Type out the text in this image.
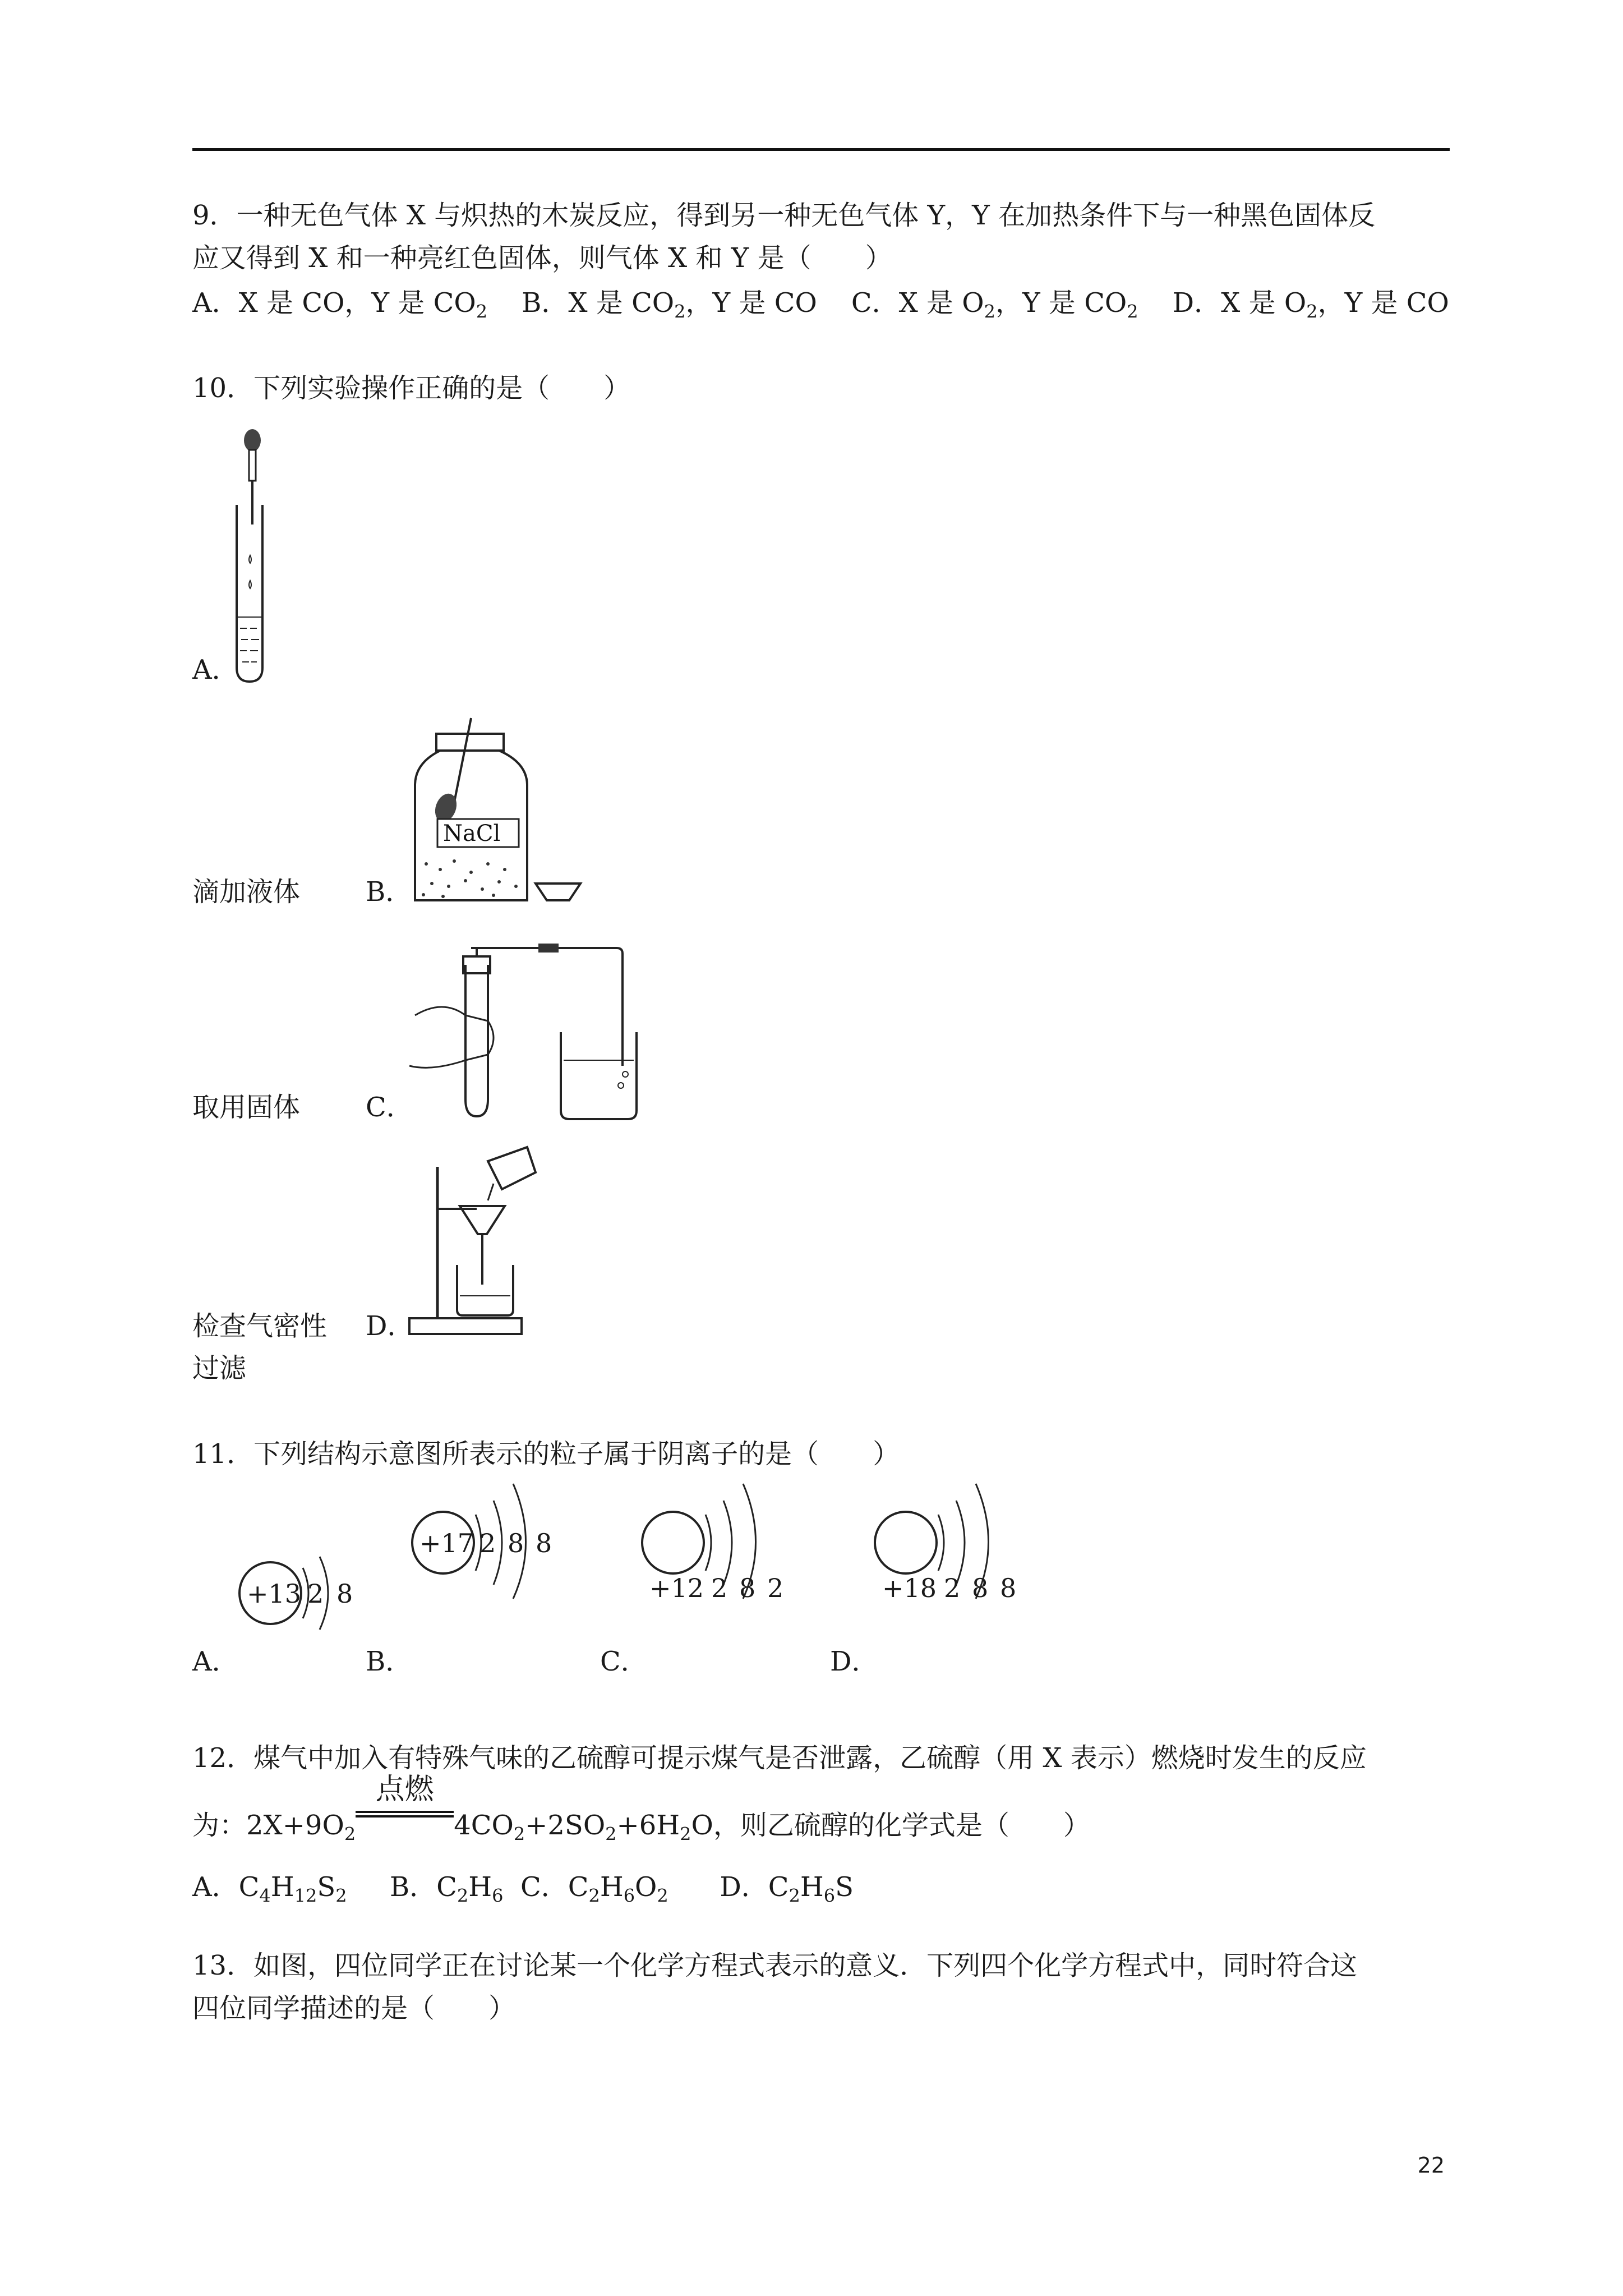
9．一种无色气体 X 与炽热的木炭反应，得到另一种无色气体 Y，Y 在加热条件下与一种黑色固体反
应又得到 X 和一种亮红色固体，则气体 X 和 Y 是（　　）
A．X 是 CO，Y 是 $CO_2$ B．X 是 $CO_2$，Y 是 CO C．X 是 $O_2$，Y 是 $CO_2$ D．X 是 $O_2$，Y 是 CO
10．下列实验操作正确的是（　　）
A．
滴加液体 B．
NaCl
取用固体 C．
检查气密性 D．
过滤
11．下列结构示意图所表示的粒子属于阴离子的是（　　）
+13 2 8
A．
+17 2 8 8
B．
+12 2 8 2
C．
+18 2 8 8
D．
12．煤气中加入有特殊气味的乙硫醇可提示煤气是否泄露，乙硫醇（用 X 表示）燃烧时发生的反应
为：$2X+9O_2$
点燃
$4CO_2+2SO_2+6H_2O$，则乙硫醇的化学式是（　　）
A．$C_4H_{12}S_2$ B．$C_2H_6$ C．$C_2H_6O_2$ D．$C_2H_6S$
13．如图，四位同学正在讨论某一个化学方程式表示的意义．下列四个化学方程式中，同时符合这
四位同学描述的是（　　）
22
